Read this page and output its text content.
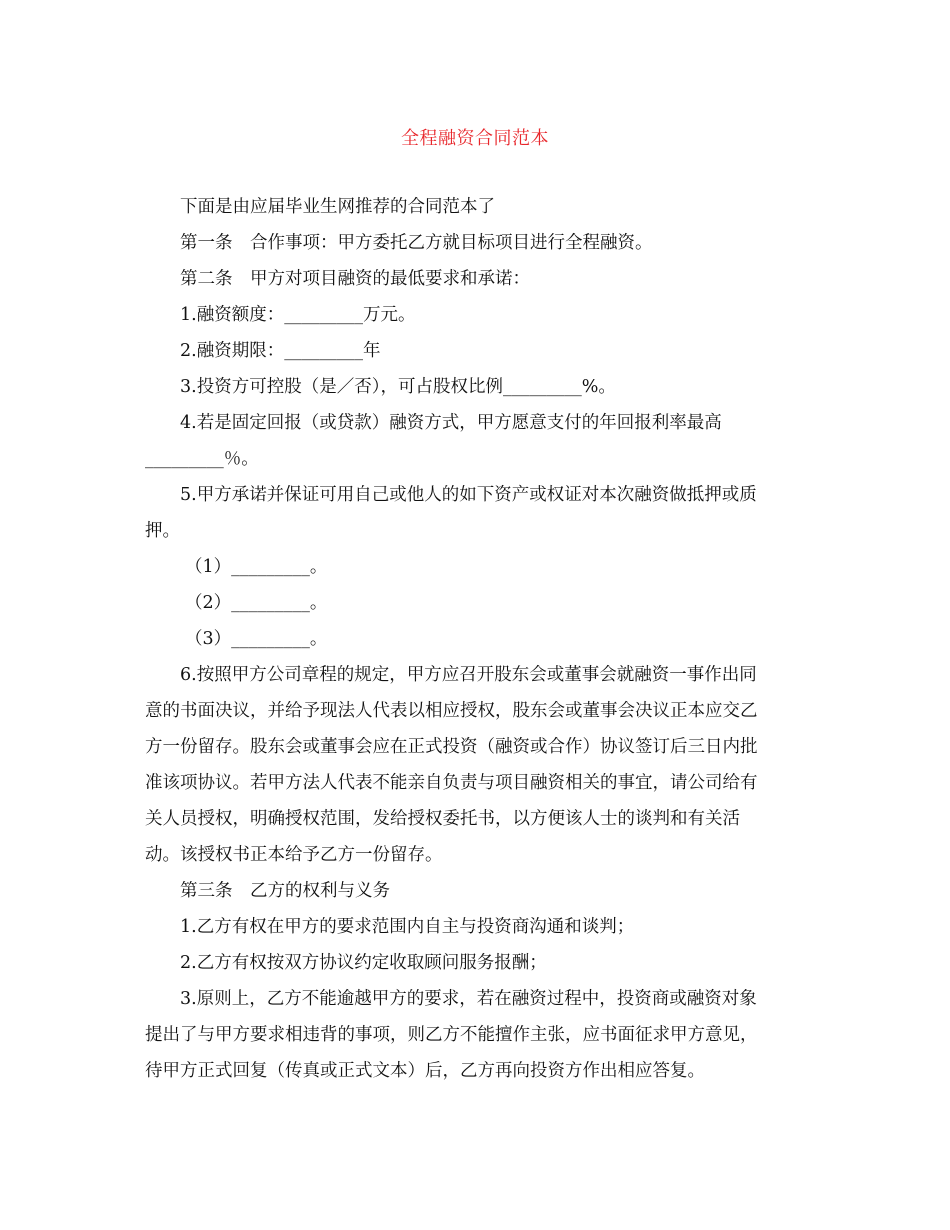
全程融资合同范本

下面是由应届毕业生网推荐的合同范本了

第一条　合作事项：甲方委托乙方就目标项目进行全程融资。

第二条　甲方对项目融资的最低要求和承诺：

1.融资额度：_________万元。

2.融资期限：_________年

3.投资方可控股（是／否），可占股权比例_________%。

4.若是固定回报（或贷款）融资方式，甲方愿意支付的年回报利率最高

_________％。

5.甲方承诺并保证可用自己或他人的如下资产或权证对本次融资做抵押或质

押。

（1）_________。

（2）_________。

（3）_________。

6.按照甲方公司章程的规定，甲方应召开股东会或董事会就融资一事作出同

意的书面决议，并给予现法人代表以相应授权，股东会或董事会决议正本应交乙

方一份留存。股东会或董事会应在正式投资（融资或合作）协议签订后三日内批

准该项协议。若甲方法人代表不能亲自负责与项目融资相关的事宜，请公司给有

关人员授权，明确授权范围，发给授权委托书，以方便该人士的谈判和有关活

动。该授权书正本给予乙方一份留存。

第三条　乙方的权利与义务

1.乙方有权在甲方的要求范围内自主与投资商沟通和谈判；

2.乙方有权按双方协议约定收取顾问服务报酬；

3.原则上，乙方不能逾越甲方的要求，若在融资过程中，投资商或融资对象

提出了与甲方要求相违背的事项，则乙方不能擅作主张，应书面征求甲方意见，

待甲方正式回复（传真或正式文本）后，乙方再向投资方作出相应答复。
